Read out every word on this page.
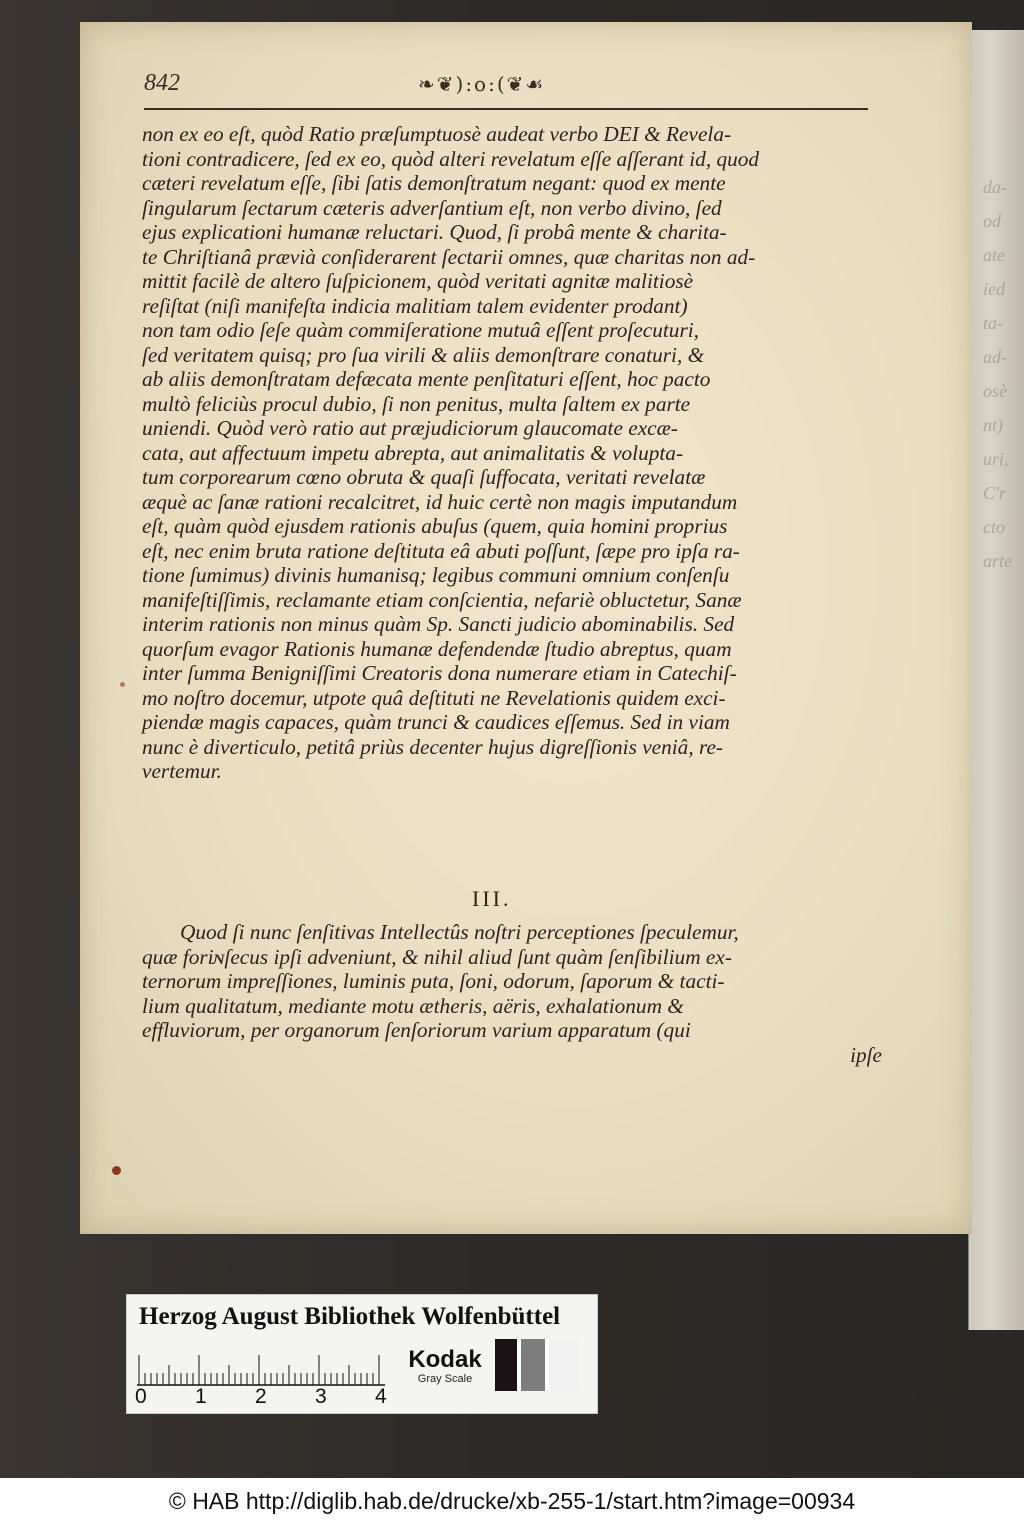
da-
od
ate
ied
ta-
ad-
osè
nt)
uri,
C'r
cto
arte
842	❧❦):o:(❦☙
non ex eo eſt, quòd Ratio præſumptuosè audeat verbo DEI & Revela-
tioni contradicere, ſed ex eo, quòd alteri revelatum eſſe aſſerant id, quod
cæteri revelatum eſſe, ſibi ſatis demonſtratum negant: quod ex mente
ſingularum ſectarum cæteris adverſantium eſt, non verbo divino, ſed
ejus explicationi humanæ reluctari. Quod, ſi probâ mente & charita-
te Chriſtianâ prævià conſiderarent ſectarii omnes, quæ charitas non ad-
mittit facilè de altero ſuſpicionem, quòd veritati agnitæ malitiosè
reſiſtat (niſi manifeſta indicia malitiam talem evidenter prodant)
non tam odio ſeſe quàm commiſeratione mutuâ eſſent proſecuturi,
ſed veritatem quisq; pro ſua virili & aliis demonſtrare conaturi, &
ab aliis demonſtratam defæcata mente penſitaturi eſſent, hoc pacto
multò feliciùs procul dubio, ſi non penitus, multa ſaltem ex parte
uniendi. Quòd verò ratio aut præjudiciorum glaucomate excæ-
cata, aut affectuum impetu abrepta, aut animalitatis & volupta-
tum corporearum cœno obruta & quaſi ſuffocata, veritati revelatæ
æquè ac ſanæ rationi recalcitret, id huic certè non magis imputandum
eſt, quàm quòd ejusdem rationis abuſus (quem, quia homini proprius
eſt, nec enim bruta ratione deſtituta eâ abuti poſſunt, ſæpe pro ipſa ra-
tione ſumimus) divinis humanisq; legibus communi omnium conſenſu
manifeſtiſſimis, reclamante etiam conſcientia, nefariè obluctetur, Sanæ
interim rationis non minus quàm Sp. Sancti judicio abominabilis. Sed
quorſum evagor Rationis humanæ defendendæ ſtudio abreptus, quam
inter ſumma Benigniſſimi Creatoris dona numerare etiam in Catechiſ-
mo noſtro docemur, utpote quâ deſtituti ne Revelationis quidem exci-
piendæ magis capaces, quàm trunci & caudices eſſemus. Sed in viam
nunc è diverticulo, petitâ priùs decenter hujus digreſſionis veniâ, re-
vertemur.
III.
Quod ſi nunc ſenſitivas Intellectûs noſtri perceptiones ſpeculemur,
quæ foriɴſecus ipſi adveniunt, & nihil aliud ſunt quàm ſenſibilium ex-
ternorum impreſſiones, luminis puta, ſoni, odorum, ſaporum & tacti-
lium qualitatum, mediante motu ætheris, aëris, exhalationum &
effluviorum, per organorum ſenſoriorum varium apparatum (qui
ipſe
Herzog August Bibliothek Wolfenbüttel
0 1 2 3 4
Kodak
Gray Scale
© HAB http://diglib.hab.de/drucke/xb-255-1/start.htm?image=00934
